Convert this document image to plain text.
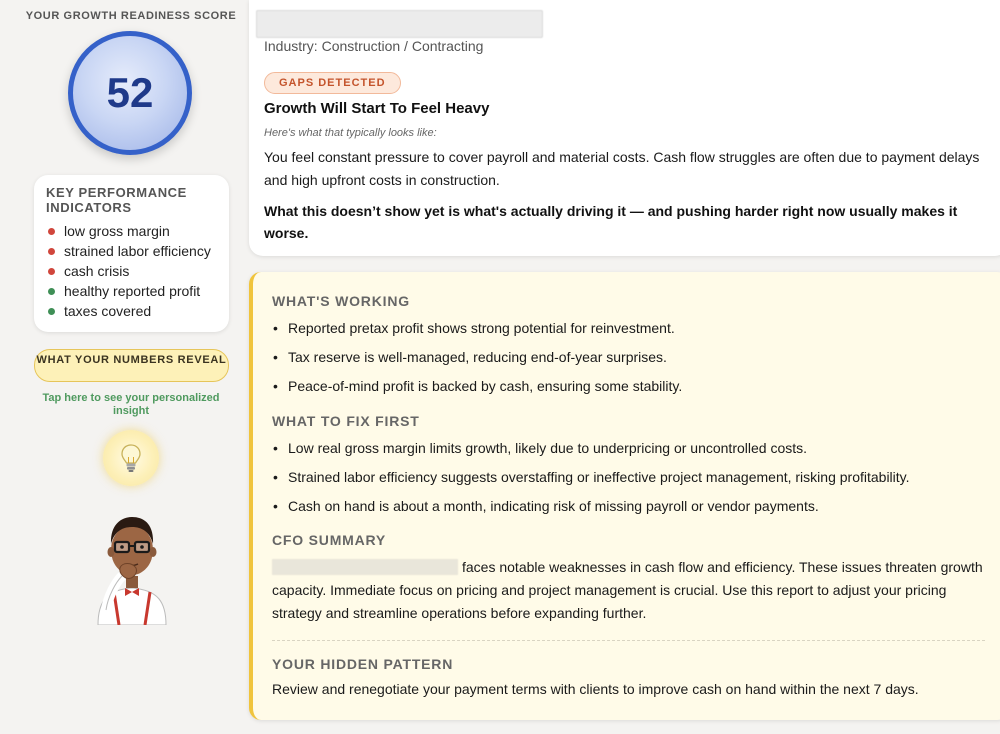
YOUR GROWTH READINESS SCORE
52
KEY PERFORMANCE INDICATORS
low gross margin
strained labor efficiency
cash crisis
healthy reported profit
taxes covered
WHAT YOUR NUMBERS REVEAL
Tap here to see your personalized insight
Industry: Construction / Contracting
GAPS DETECTED
Growth Will Start To Feel Heavy
Here's what that typically looks like:
You feel constant pressure to cover payroll and material costs. Cash flow struggles are often due to payment delays and high upfront costs in construction.
What this doesn’t show yet is what's actually driving it — and pushing harder right now usually makes it worse.
WHAT'S WORKING
• Reported pretax profit shows strong potential for reinvestment.
• Tax reserve is well-managed, reducing end-of-year surprises.
• Peace-of-mind profit is backed by cash, ensuring some stability.
WHAT TO FIX FIRST
• Low real gross margin limits growth, likely due to underpricing or uncontrolled costs.
• Strained labor efficiency suggests overstaffing or ineffective project management, risking profitability.
• Cash on hand is about a month, indicating risk of missing payroll or vendor payments.
CFO SUMMARY
faces notable weaknesses in cash flow and efficiency. These issues threaten growth capacity. Immediate focus on pricing and project management is crucial. Use this report to adjust your pricing strategy and streamline operations before expanding further.
YOUR HIDDEN PATTERN
Review and renegotiate your payment terms with clients to improve cash on hand within the next 7 days.
